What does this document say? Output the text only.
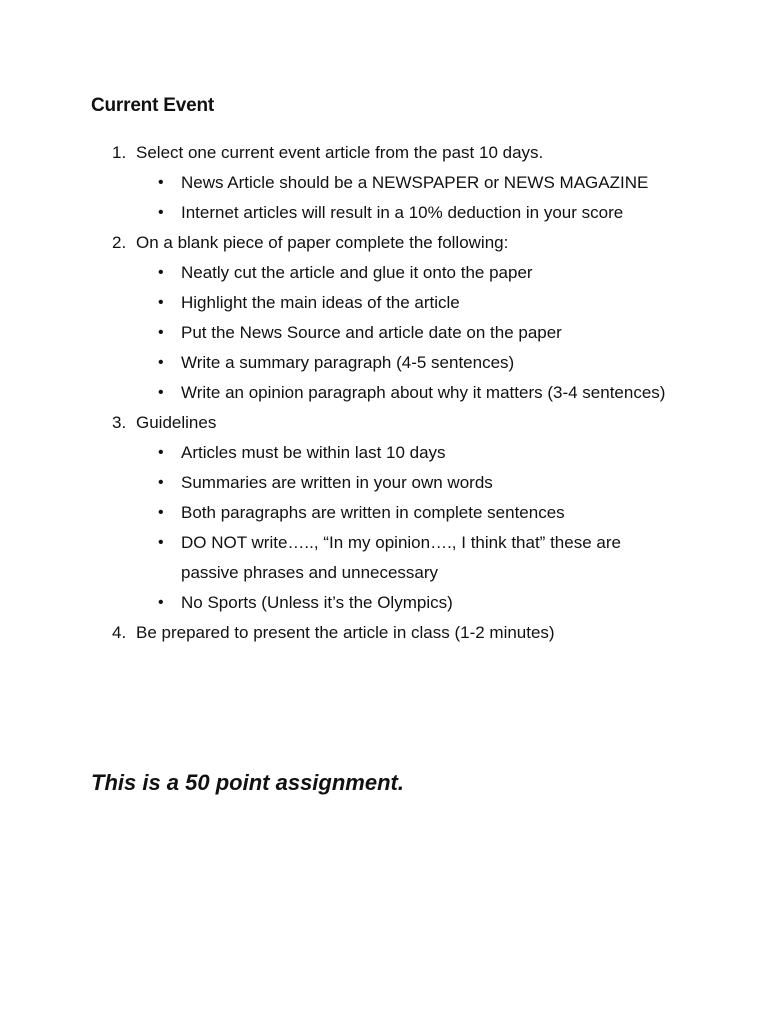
Current Event
1. Select one current event article from the past 10 days.
• News Article should be a NEWSPAPER or NEWS MAGAZINE
• Internet articles will result in a 10% deduction in your score
2. On a blank piece of paper complete the following:
• Neatly cut the article and glue it onto the paper
• Highlight the main ideas of the article
• Put the News Source and article date on the paper
• Write a summary paragraph (4-5 sentences)
• Write an opinion paragraph about why it matters (3-4 sentences)
3. Guidelines
• Articles must be within last 10 days
• Summaries are written in your own words
• Both paragraphs are written in complete sentences
• DO NOT write….., “In my opinion…., I think that” these are passive phrases and unnecessary
• No Sports (Unless it’s the Olympics)
4. Be prepared to present the article in class (1-2 minutes)

This is a 50 point assignment.
